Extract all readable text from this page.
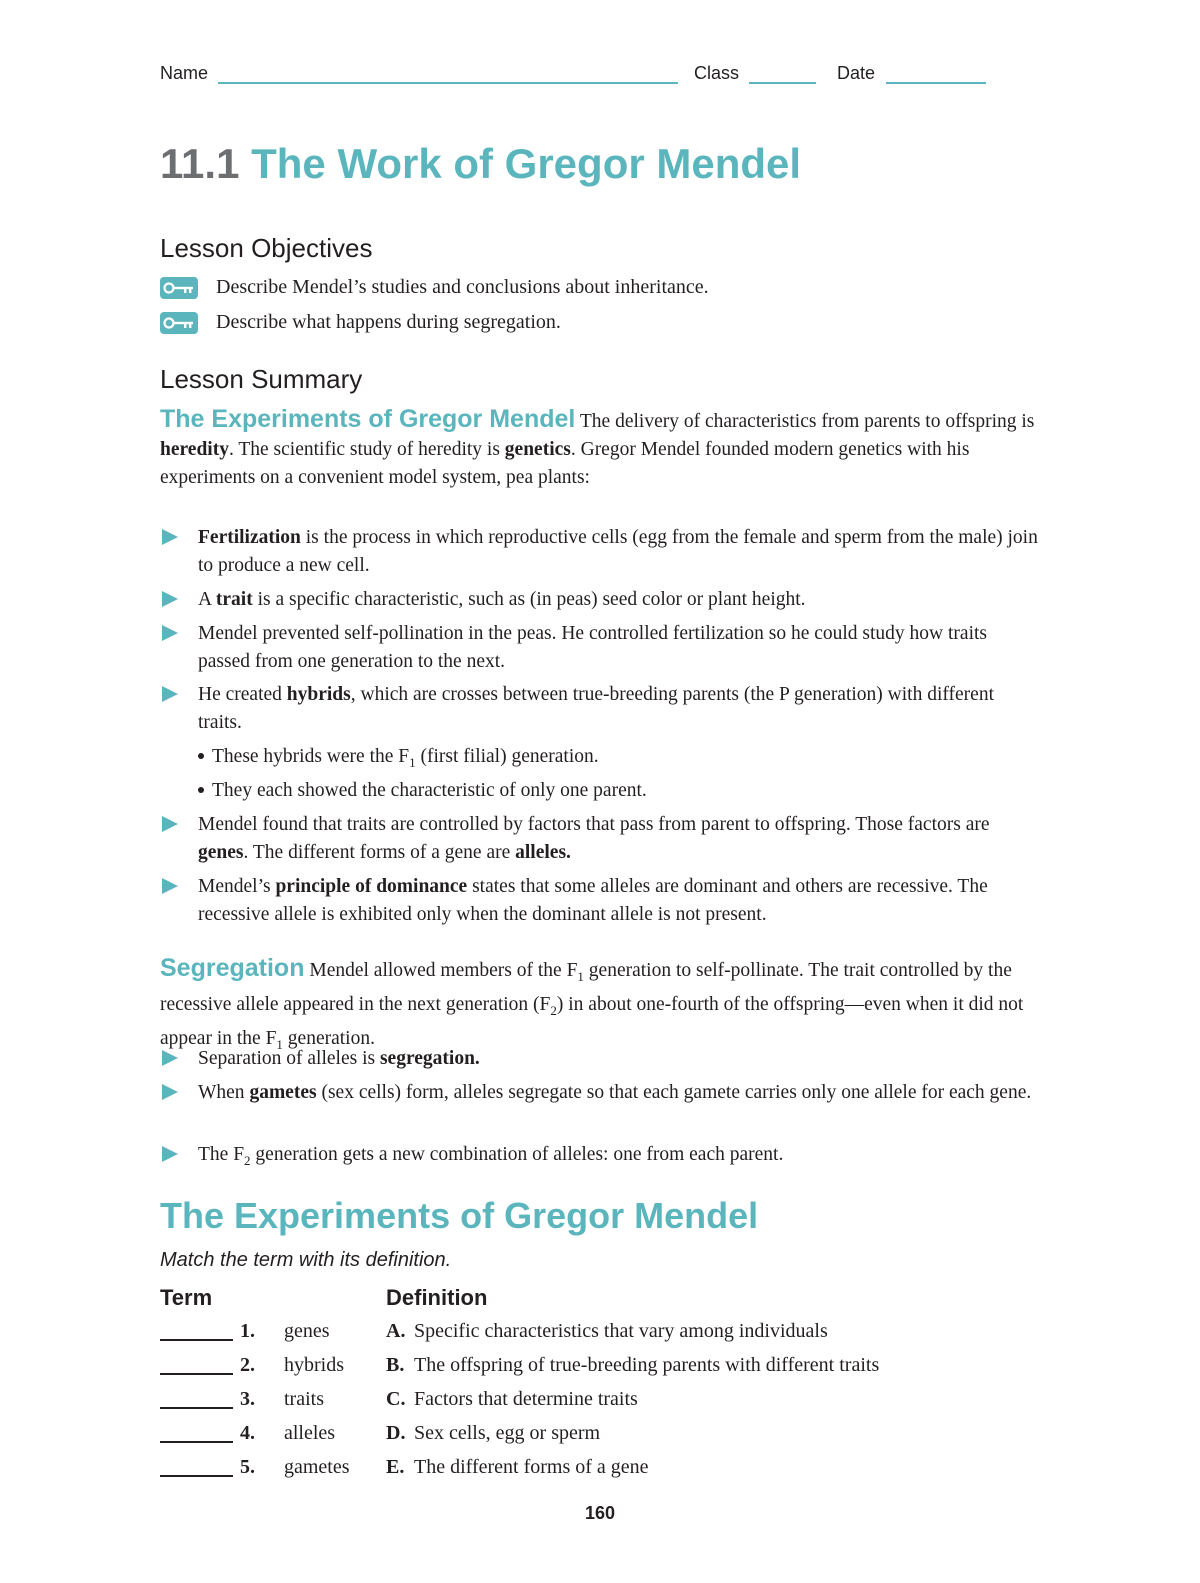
Name	Class	Date
11.1 The Work of Gregor Mendel
Lesson Objectives
Describe Mendel’s studies and conclusions about inheritance.
Describe what happens during segregation.
Lesson Summary
The Experiments of Gregor Mendel The delivery of characteristics from parents to offspring is heredity. The scientific study of heredity is genetics. Gregor Mendel founded modern genetics with his experiments on a convenient model system, pea plants:
Fertilization is the process in which reproductive cells (egg from the female and sperm from the male) join to produce a new cell.
A trait is a specific characteristic, such as (in peas) seed color or plant height.
Mendel prevented self-pollination in the peas. He controlled fertilization so he could study how traits passed from one generation to the next.
He created hybrids, which are crosses between true-breeding parents (the P generation) with different traits.
These hybrids were the $F_1$ (first filial) generation.
They each showed the characteristic of only one parent.
Mendel found that traits are controlled by factors that pass from parent to offspring. Those factors are genes. The different forms of a gene are alleles.
Mendel’s principle of dominance states that some alleles are dominant and others are recessive. The recessive allele is exhibited only when the dominant allele is not present.
Segregation Mendel allowed members of the $F_1$ generation to self-pollinate. The trait controlled by the recessive allele appeared in the next generation $(F_2)$ in about one-fourth of the offspring—even when it did not appear in the $F_1$ generation.
Separation of alleles is segregation.
When gametes (sex cells) form, alleles segregate so that each gamete carries only one allele for each gene.
The $F_2$ generation gets a new combination of alleles: one from each parent.
The Experiments of Gregor Mendel
Match the term with its definition.
Term	Definition
1. genes	A. Specific characteristics that vary among individuals
2. hybrids B. The offspring of true-breeding parents with different traits
3. traits	C. Factors that determine traits
4. alleles	D. Sex cells, egg or sperm
5. gametes E. The different forms of a gene
160
